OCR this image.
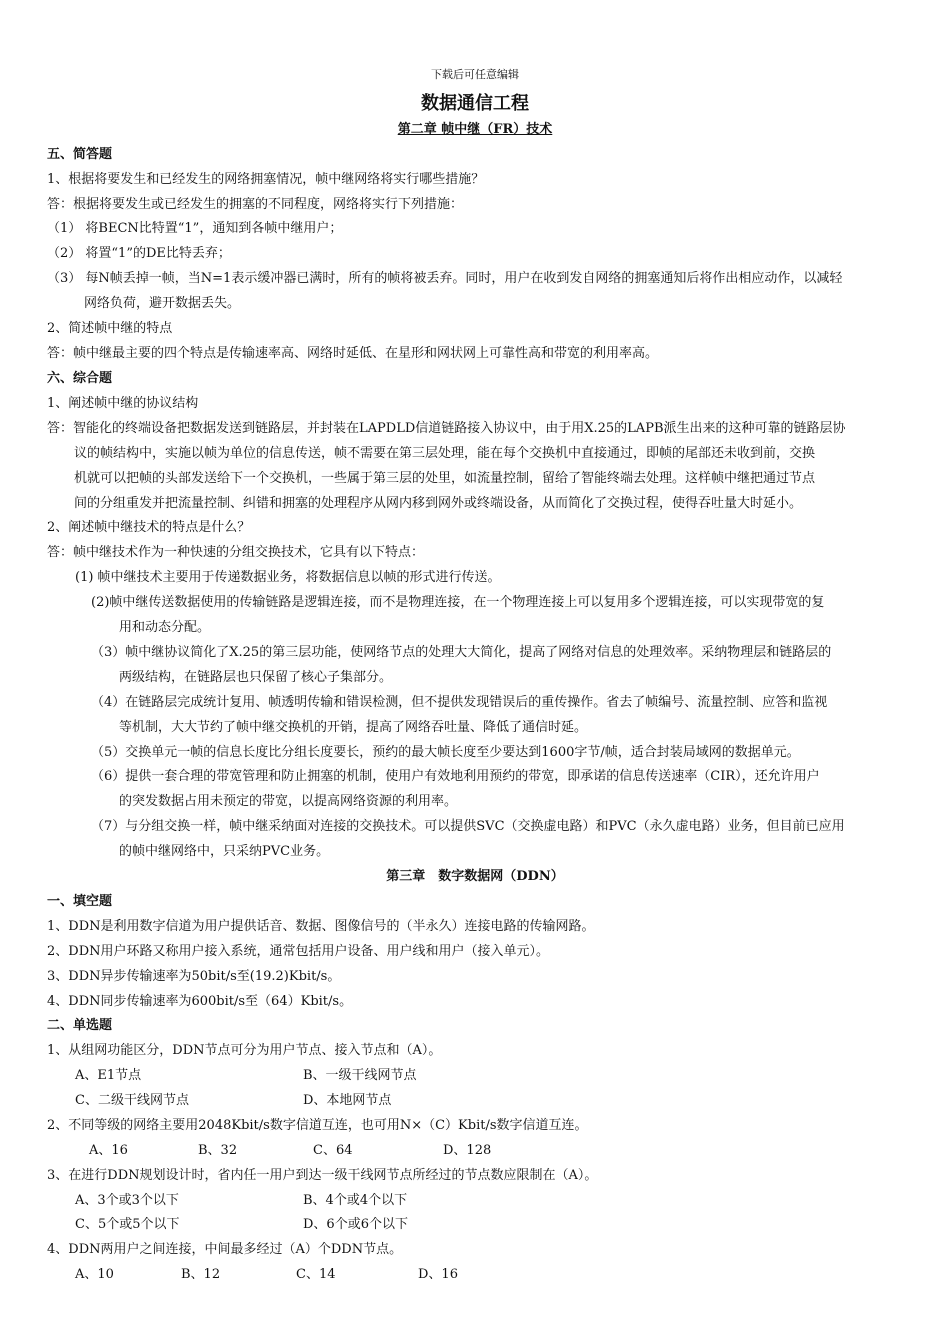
下载后可任意编辑
数据通信工程
第二章 帧中继（FR）技术
五、简答题
1、根据将要发生和已经发生的网络拥塞情况，帧中继网络将实行哪些措施？
答：根据将要发生或已经发生的拥塞的不同程度，网络将实行下列措施：
（1） 将BECN比特置“1”，通知到各帧中继用户；
（2） 将置“1”的DE比特丢弃；
（3） 每N帧丢掉一帧，当N=1表示缓冲器已满时，所有的帧将被丢弃。同时，用户在收到发自网络的拥塞通知后将作出相应动作，以减轻
网络负荷，避开数据丢失。
2、简述帧中继的特点
答：帧中继最主要的四个特点是传输速率高、网络时延低、在星形和网状网上可靠性高和带宽的利用率高。
六、综合题
1、阐述帧中继的协议结构
答：智能化的终端设备把数据发送到链路层，并封装在LAPDLD信道链路接入协议中，由于用X.25的LAPB派生出来的这种可靠的链路层协
议的帧结构中，实施以帧为单位的信息传送，帧不需要在第三层处理，能在每个交换机中直接通过，即帧的尾部还未收到前，交换
机就可以把帧的头部发送给下一个交换机，一些属于第三层的处里，如流量控制，留给了智能终端去处理。这样帧中继把通过节点
间的分组重发并把流量控制、纠错和拥塞的处理程序从网内移到网外或终端设备，从而简化了交换过程，使得吞吐量大时延小。
2、阐述帧中继技术的特点是什么？
答：帧中继技术作为一种快速的分组交换技术，它具有以下特点：
(1) 帧中继技术主要用于传递数据业务，将数据信息以帧的形式进行传送。
(2)帧中继传送数据使用的传输链路是逻辑连接，而不是物理连接，在一个物理连接上可以复用多个逻辑连接，可以实现带宽的复
用和动态分配。
（3）帧中继协议简化了X.25的第三层功能，使网络节点的处理大大简化，提高了网络对信息的处理效率。采纳物理层和链路层的
两级结构，在链路层也只保留了核心子集部分。
（4）在链路层完成统计复用、帧透明传输和错误检测，但不提供发现错误后的重传操作。省去了帧编号、流量控制、应答和监视
等机制，大大节约了帧中继交换机的开销，提高了网络吞吐量、降低了通信时延。
（5）交换单元一帧的信息长度比分组长度要长，预约的最大帧长度至少要达到1600字节/帧，适合封装局域网的数据单元。
（6）提供一套合理的带宽管理和防止拥塞的机制，使用户有效地利用预约的带宽，即承诺的信息传送速率（CIR），还允许用户
的突发数据占用未预定的带宽，以提高网络资源的利用率。
（7）与分组交换一样，帧中继采纳面对连接的交换技术。可以提供SVC（交换虚电路）和PVC（永久虚电路）业务，但目前已应用
的帧中继网络中，只采纳PVC业务。
第三章　数字数据网（DDN）
一、填空题
1、DDN是利用数字信道为用户提供话音、数据、图像信号的（半永久）连接电路的传输网路。
2、DDN用户环路又称用户接入系统，通常包括用户设备、用户线和用户（接入单元）。
3、DDN异步传输速率为50bit/s至(19.2)Kbit/s。
4、DDN同步传输速率为600bit/s至（64）Kbit/s。
二、单选题
1、从组网功能区分，DDN节点可分为用户节点、接入节点和（A）。
A、E1节点	B、一级干线网节点
C、二级干线网节点	D、本地网节点
2、不同等级的网络主要用2048Kbit/s数字信道互连，也可用N×（C）Kbit/s数字信道互连。
A、16	B、32	C、64	D、128
3、在进行DDN规划设计时，省内任一用户到达一级干线网节点所经过的节点数应限制在（A）。
A、3个或3个以下	B、4个或4个以下
C、5个或5个以下	D、6个或6个以下
4、DDN两用户之间连接，中间最多经过（A）个DDN节点。
A、10	B、12	C、14	D、16
